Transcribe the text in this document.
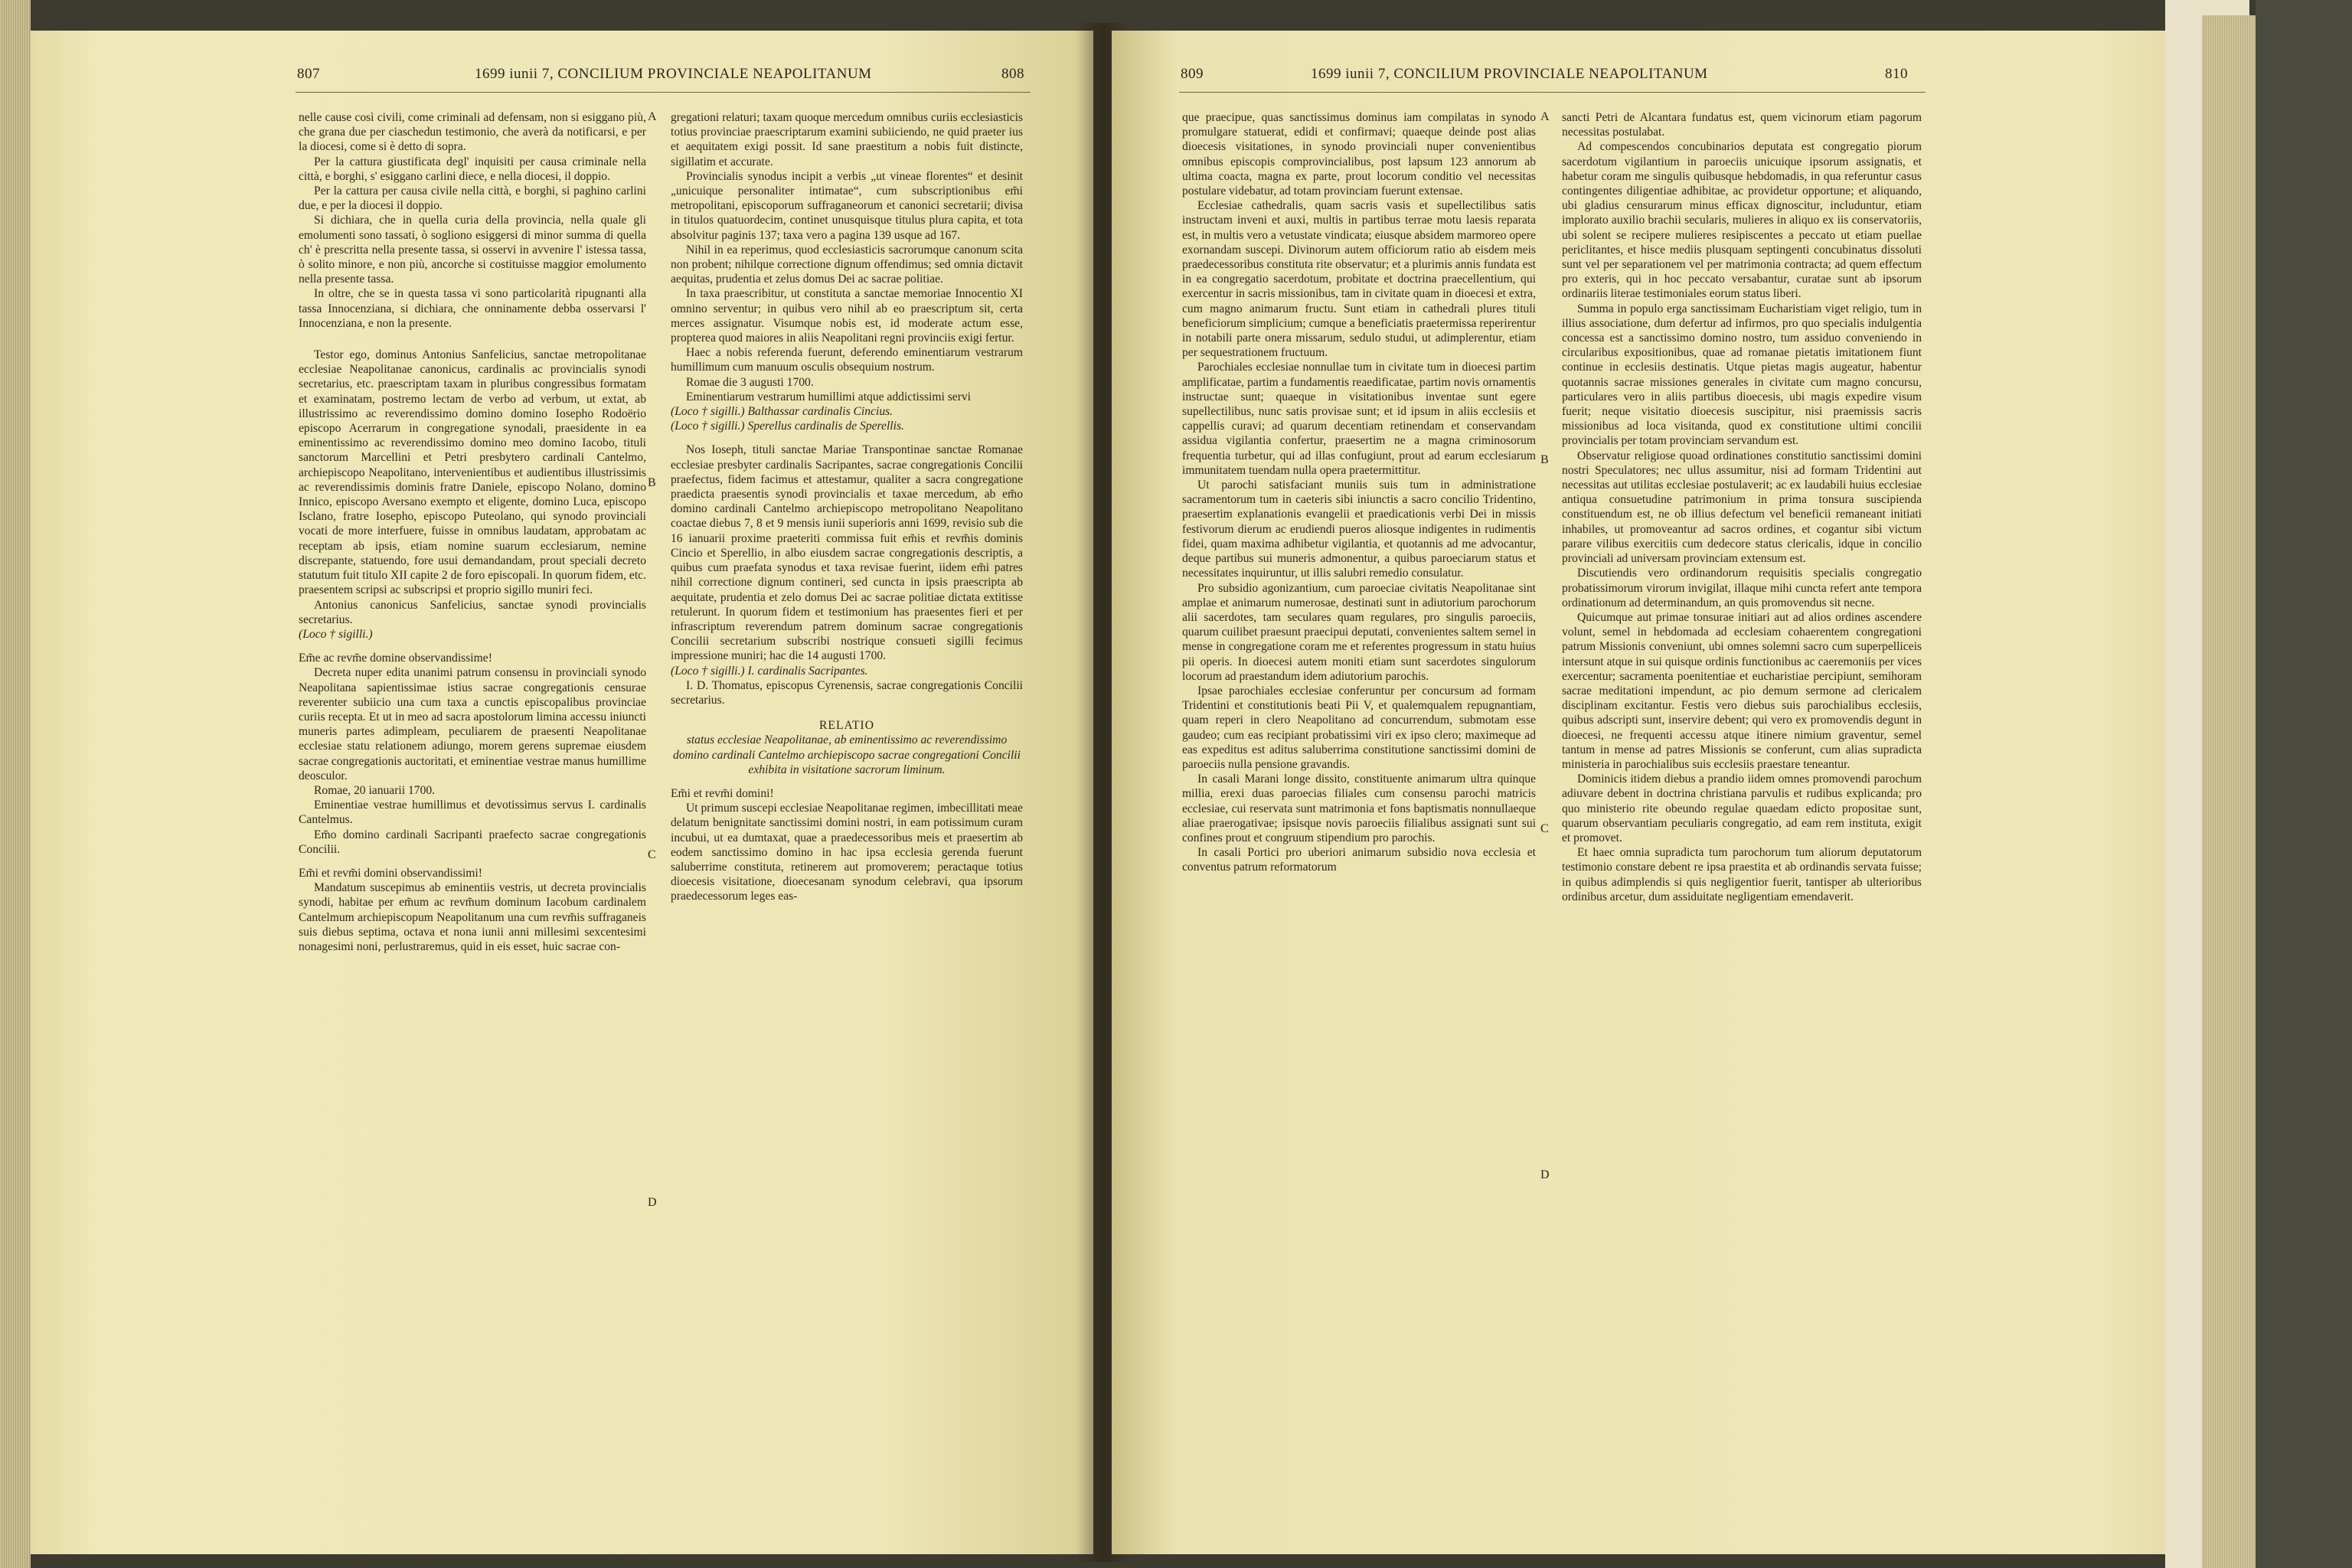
807	1699 iunii 7, CONCILIUM PROVINCIALE NEAPOLITANUM	808

nelle cause così civili, come criminali ad defensam, non si esiggano più, che grana due per ciaschedun testimonio, che averà da notificarsi, e per la diocesi, come si è detto di sopra.

Per la cattura giustificata degl' inquisiti per causa criminale nella città, e borghi, s' esiggano carlini diece, e nella diocesi, il doppio.

Per la cattura per causa civile nella città, e borghi, si paghino carlini due, e per la diocesi il doppio.

Si dichiara, che in quella curia della provincia, nella quale gli emolumenti sono tassati, ò sogliono esiggersi di minor summa di quella ch' è prescritta nella presente tassa, si osservi in avvenire l' istessa tassa, ò solito minore, e non più, ancorche si costituisse maggior emolumento nella presente tassa.

In oltre, che se in questa tassa vi sono particolarità ripugnanti alla tassa Innocenziana, si dichiara, che onninamente debba osservarsi l' Innocenziana, e non la presente.

Testor ego, dominus Antonius Sanfelicius, sanctae metropolitanae ecclesiae Neapolitanae canonicus, cardinalis ac provincialis synodi secretarius, etc. praescriptam taxam in pluribus congressibus formatam et examinatam, postremo lectam de verbo ad verbum, ut extat, ab illustrissimo ac reverendissimo domino domino Iosepho Rodoërio episcopo Acerrarum in congregatione synodali, praesidente in ea eminentissimo ac reverendissimo domino meo domino Iacobo, tituli sanctorum Marcellini et Petri presbytero cardinali Cantelmo, archiepiscopo Neapolitano, intervenientibus et audientibus illustrissimis ac reverendissimis dominis fratre Daniele, episcopo Nolano, domino Innico, episcopo Aversano exempto et eligente, domino Luca, episcopo Isclano, fratre Iosepho, episcopo Puteolano, qui synodo provinciali vocati de more interfuere, fuisse in omnibus laudatam, approbatam ac receptam ab ipsis, etiam nomine suarum ecclesiarum, nemine discrepante, statuendo, fore usui demandandam, prout speciali decreto statutum fuit titulo XII capite 2 de foro episcopali. In quorum fidem, etc. praesentem scripsi ac subscripsi et proprio sigillo muniri feci.

Antonius canonicus Sanfelicius, sanctae synodi provincialis secretarius.

(Loco † sigilli.)

Em̃e ac revm̃e domine observandissime!

Decreta nuper edita unanimi patrum consensu in provinciali synodo Neapolitana sapientissimae istius sacrae congregationis censurae reverenter subiicio una cum taxa a cunctis episcopalibus provinciae curiis recepta. Et ut in meo ad sacra apostolorum limina accessu iniuncti muneris partes adimpleam, peculiarem de praesenti Neapolitanae ecclesiae statu relationem adiungo, morem gerens supremae eiusdem sacrae congregationis auctoritati, et eminentiae vestrae manus humillime deosculor.

Romae, 20 ianuarii 1700.

Eminentiae vestrae humillimus et devotissimus servus I. cardinalis Cantelmus.

Em̃o domino cardinali Sacripanti praefecto sacrae congregationis Concilii.

Em̃i et revm̃i domini observandissimi!

Mandatum suscepimus ab eminentiis vestris, ut decreta provincialis synodi, habitae per em̃um ac revm̃um dominum Iacobum cardinalem Cantelmum archiepiscopum Neapolitanum una cum revm̃is suffraganeis suis diebus septima, octava et nona iunii anni millesimi sexcentesimi nonagesimi noni, perlustraremus, quid in eis esset, huic sacrae con-

gregationi relaturi; taxam quoque mercedum omnibus curiis ecclesiasticis totius provinciae praescriptarum examini subiiciendo, ne quid praeter ius et aequitatem exigi possit. Id sane praestitum a nobis fuit distincte, sigillatim et accurate.

Provincialis synodus incipit a verbis „ut vineae florentes“ et desinit „unicuique personaliter intimatae“, cum subscriptionibus em̃i metropolitani, episcoporum suffraganeorum et canonici secretarii; divisa in titulos quatuordecim, continet unusquisque titulus plura capita, et tota absolvitur paginis 137; taxa vero a pagina 139 usque ad 167.

Nihil in ea reperimus, quod ecclesiasticis sacrorumque canonum scita non probent; nihilque correctione dignum offendimus; sed omnia dictavit aequitas, prudentia et zelus domus Dei ac sacrae politiae.

In taxa praescribitur, ut constituta a sanctae memoriae Innocentio XI omnino serventur; in quibus vero nihil ab eo praescriptum sit, certa merces assignatur. Visumque nobis est, id moderate actum esse, propterea quod maiores in aliis Neapolitani regni provinciis exigi fertur.

Haec a nobis referenda fuerunt, deferendo eminentiarum vestrarum humillimum cum manuum osculis obsequium nostrum.

Romae die 3 augusti 1700.

Eminentiarum vestrarum humillimi atque addictissimi servi

(Loco † sigilli.) Balthassar cardinalis Cincius.

(Loco † sigilli.) Sperellus cardinalis de Sperellis.

Nos Ioseph, tituli sanctae Mariae Transpontinae sanctae Romanae ecclesiae presbyter cardinalis Sacripantes, sacrae congregationis Concilii praefectus, fidem facimus et attestamur, qualiter a sacra congregatione praedicta praesentis synodi provincialis et taxae mercedum, ab em̃o domino cardinali Cantelmo archiepiscopo metropolitano Neapolitano coactae diebus 7, 8 et 9 mensis iunii superioris anni 1699, revisio sub die 16 ianuarii proxime praeteriti commissa fuit em̃is et revm̃is dominis Cincio et Sperellio, in albo eiusdem sacrae congregationis descriptis, a quibus cum praefata synodus et taxa revisae fuerint, iidem em̃i patres nihil correctione dignum contineri, sed cuncta in ipsis praescripta ab aequitate, prudentia et zelo domus Dei ac sacrae politiae dictata extitisse retulerunt. In quorum fidem et testimonium has praesentes fieri et per infrascriptum reverendum patrem dominum sacrae congregationis Concilii secretarium subscribi nostrique consueti sigilli fecimus impressione muniri; hac die 14 augusti 1700.

(Loco † sigilli.) I. cardinalis Sacripantes.

I. D. Thomatus, episcopus Cyrenensis, sacrae congregationis Concilii secretarius.

RELATIO

status ecclesiae Neapolitanae, ab eminentissimo ac reverendissimo domino cardinali Cantelmo archiepiscopo sacrae congregationi Concilii exhibita in visitatione sacrorum liminum.

Em̃i et revm̃i domini!

Ut primum suscepi ecclesiae Neapolitanae regimen, imbecillitati meae delatum benignitate sanctissimi domini nostri, in eam potissimum curam incubui, ut ea dumtaxat, quae a praedecessoribus meis et praesertim ab eodem sanctissimo domino in hac ipsa ecclesia gerenda fuerunt saluberrime constituta, retinerem aut promoverem; peractaque totius dioecesis visitatione, dioecesanam synodum celebravi, qua ipsorum praedecessorum leges eas-

A
B
C
D
809	1699 iunii 7, CONCILIUM PROVINCIALE NEAPOLITANUM	810

que praecipue, quas sanctissimus dominus iam compilatas in synodo promulgare statuerat, edidi et confirmavi; quaeque deinde post alias dioecesis visitationes, in synodo provinciali nuper convenientibus omnibus episcopis comprovincialibus, post lapsum 123 annorum ab ultima coacta, magna ex parte, prout locorum conditio vel necessitas postulare videbatur, ad totam provinciam fuerunt extensae.

Ecclesiae cathedralis, quam sacris vasis et supellectilibus satis instructam inveni et auxi, multis in partibus terrae motu laesis reparata est, in multis vero a vetustate vindicata; eiusque absidem marmoreo opere exornandam suscepi. Divinorum autem officiorum ratio ab eisdem meis praedecessoribus constituta rite observatur; et a plurimis annis fundata est in ea congregatio sacerdotum, probitate et doctrina praecellentium, qui exercentur in sacris missionibus, tam in civitate quam in dioecesi et extra, cum magno animarum fructu. Sunt etiam in cathedrali plures tituli beneficiorum simplicium; cumque a beneficiatis praetermissa reperirentur in notabili parte onera missarum, sedulo studui, ut adimplerentur, etiam per sequestrationem fructuum.

Parochiales ecclesiae nonnullae tum in civitate tum in dioecesi partim amplificatae, partim a fundamentis reaedificatae, partim novis ornamentis instructae sunt; quaeque in visitationibus inventae sunt egere supellectilibus, nunc satis provisae sunt; et id ipsum in aliis ecclesiis et cappellis curavi; ad quarum decentiam retinendam et conservandam assidua vigilantia confertur, praesertim ne a magna criminosorum frequentia turbetur, qui ad illas confugiunt, prout ad earum ecclesiarum immunitatem tuendam nulla opera praetermittitur.

Ut parochi satisfaciant muniis suis tum in administratione sacramentorum tum in caeteris sibi iniunctis a sacro concilio Tridentino, praesertim explanationis evangelii et praedicationis verbi Dei in missis festivorum dierum ac erudiendi pueros aliosque indigentes in rudimentis fidei, quam maxima adhibetur vigilantia, et quotannis ad me advocantur, deque partibus sui muneris admonentur, a quibus paroeciarum status et necessitates inquiruntur, ut illis salubri remedio consulatur.

Pro subsidio agonizantium, cum paroeciae civitatis Neapolitanae sint amplae et animarum numerosae, destinati sunt in adiutorium parochorum alii sacerdotes, tam seculares quam regulares, pro singulis paroeciis, quarum cuilibet praesunt praecipui deputati, convenientes saltem semel in mense in congregatione coram me et referentes progressum in statu huius pii operis. In dioecesi autem moniti etiam sunt sacerdotes singulorum locorum ad praestandum idem adiutorium parochis.

Ipsae parochiales ecclesiae conferuntur per concursum ad formam Tridentini et constitutionis beati Pii V, et qualemqualem repugnantiam, quam reperi in clero Neapolitano ad concurrendum, submotam esse gaudeo; cum eas recipiant probatissimi viri ex ipso clero; maximeque ad eas expeditus est aditus saluberrima constitutione sanctissimi domini de paroeciis nulla pensione gravandis.

In casali Marani longe dissito, constituente animarum ultra quinque millia, erexi duas paroecias filiales cum consensu parochi matricis ecclesiae, cui reservata sunt matrimonia et fons baptismatis nonnullaeque aliae praerogativae; ipsisque novis paroeciis filialibus assignati sunt sui confines prout et congruum stipendium pro parochis.

In casali Portici pro uberiori animarum subsidio nova ecclesia et conventus patrum reformatorum

sancti Petri de Alcantara fundatus est, quem vicinorum etiam pagorum necessitas postulabat.

Ad compescendos concubinarios deputata est congregatio piorum sacerdotum vigilantium in paroeciis unicuique ipsorum assignatis, et habetur coram me singulis quibusque hebdomadis, in qua referuntur casus contingentes diligentiae adhibitae, ac providetur opportune; et aliquando, ubi gladius censurarum minus efficax dignoscitur, includuntur, etiam implorato auxilio brachii secularis, mulieres in aliquo ex iis conservatoriis, ubi solent se recipere mulieres resipiscentes a peccato ut etiam puellae periclitantes, et hisce mediis plusquam septingenti concubinatus dissoluti sunt vel per separationem vel per matrimonia contracta; ad quem effectum pro exteris, qui in hoc peccato versabantur, curatae sunt ab ipsorum ordinariis literae testimoniales eorum status liberi.

Summa in populo erga sanctissimam Eucharistiam viget religio, tum in illius associatione, dum defertur ad infirmos, pro quo specialis indulgentia concessa est a sanctissimo domino nostro, tum assiduo conveniendo in circularibus expositionibus, quae ad romanae pietatis imitationem fiunt continue in ecclesiis destinatis. Utque pietas magis augeatur, habentur quotannis sacrae missiones generales in civitate cum magno concursu, particulares vero in aliis partibus dioecesis, ubi magis expedire visum fuerit; neque visitatio dioecesis suscipitur, nisi praemissis sacris missionibus ad loca visitanda, quod ex constitutione ultimi concilii provincialis per totam provinciam servandum est.

Observatur religiose quoad ordinationes constitutio sanctissimi domini nostri Speculatores; nec ullus assumitur, nisi ad formam Tridentini aut necessitas aut utilitas ecclesiae postulaverit; ac ex laudabili huius ecclesiae antiqua consuetudine patrimonium in prima tonsura suscipienda constituendum est, ne ob illius defectum vel beneficii remaneant initiati inhabiles, ut promoveantur ad sacros ordines, et cogantur sibi victum parare vilibus exercitiis cum dedecore status clericalis, idque in concilio provinciali ad universam provinciam extensum est.

Discutiendis vero ordinandorum requisitis specialis congregatio probatissimorum virorum invigilat, illaque mihi cuncta refert ante tempora ordinationum ad determinandum, an quis promovendus sit necne.

Quicumque aut primae tonsurae initiari aut ad alios ordines ascendere volunt, semel in hebdomada ad ecclesiam cohaerentem congregationi patrum Missionis conveniunt, ubi omnes solemni sacro cum superpelliceis intersunt atque in sui quisque ordinis functionibus ac caeremoniis per vices exercentur; sacramenta poenitentiae et eucharistiae percipiunt, semihoram sacrae meditationi impendunt, ac pio demum sermone ad clericalem disciplinam excitantur. Festis vero diebus suis parochialibus ecclesiis, quibus adscripti sunt, inservire debent; qui vero ex promovendis degunt in dioecesi, ne frequenti accessu atque itinere nimium graventur, semel tantum in mense ad patres Missionis se conferunt, cum alias supradicta ministeria in parochialibus suis ecclesiis praestare teneantur.

Dominicis itidem diebus a prandio iidem omnes promovendi parochum adiuvare debent in doctrina christiana parvulis et rudibus explicanda; pro quo ministerio rite obeundo regulae quaedam edicto propositae sunt, quarum observantiam peculiaris congregatio, ad eam rem instituta, exigit et promovet.

Et haec omnia supradicta tum parochorum tum aliorum deputatorum testimonio constare debent re ipsa praestita et ab ordinandis servata fuisse; in quibus adimplendis si quis negligentior fuerit, tantisper ab ulterioribus ordinibus arcetur, dum assiduitate negligentiam emendaverit.

A
B
C
D
